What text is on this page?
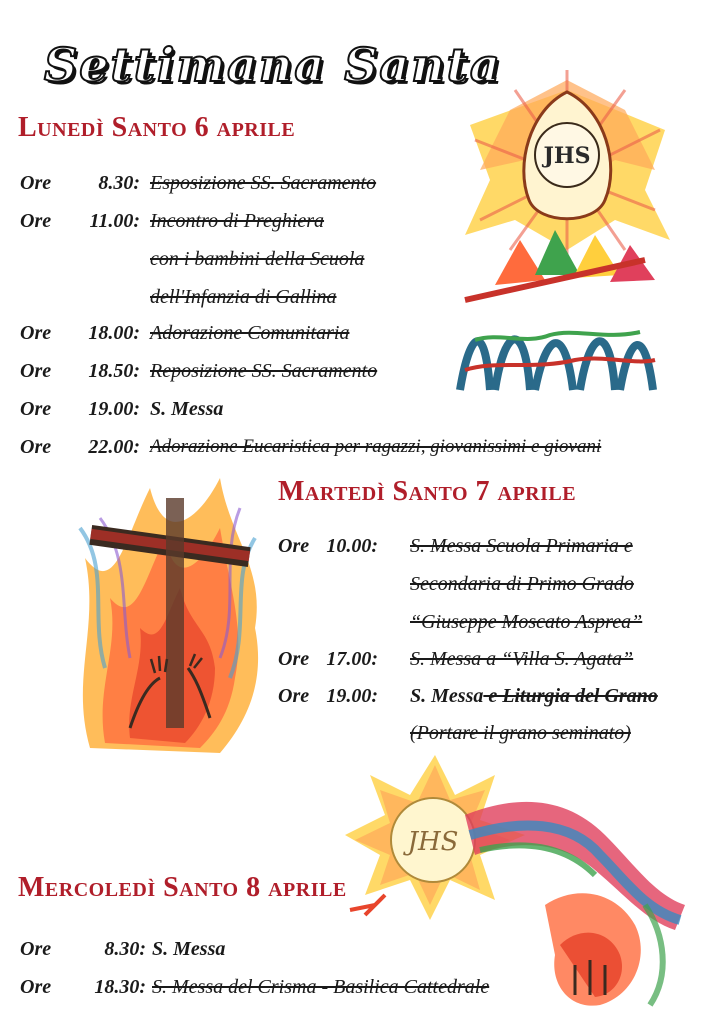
Settimana Santa
Lunedì Santo 6 aprile
Ore	8.30: Esposizione SS. Sacramento
Ore	11.00: Incontro di Preghiera
con i bambini della Scuola
dell'Infanzia di Gallina
Ore	18.00: Adorazione Comunitaria
Ore	18.50: Reposizione SS. Sacramento
Ore	19.00: S. Messa
Ore	22.00: Adorazione Eucaristica per ragazzi, giovanissimi e giovani
Martedì Santo 7 aprile
Ore 10.00: S. Messa Scuola Primaria e
Secondaria di Primo Grado
“Giuseppe Moscato Asprea”
Ore 17.00: S. Messa a “Villa S. Agata”
Ore 19.00: S. Messa e Liturgia del Grano
(Portare il grano seminato)
Mercoledì Santo 8 aprile
Ore	8.30: S. Messa
Ore	18.30: S. Messa del Crisma - Basilica Cattedrale
JHS
JHS
